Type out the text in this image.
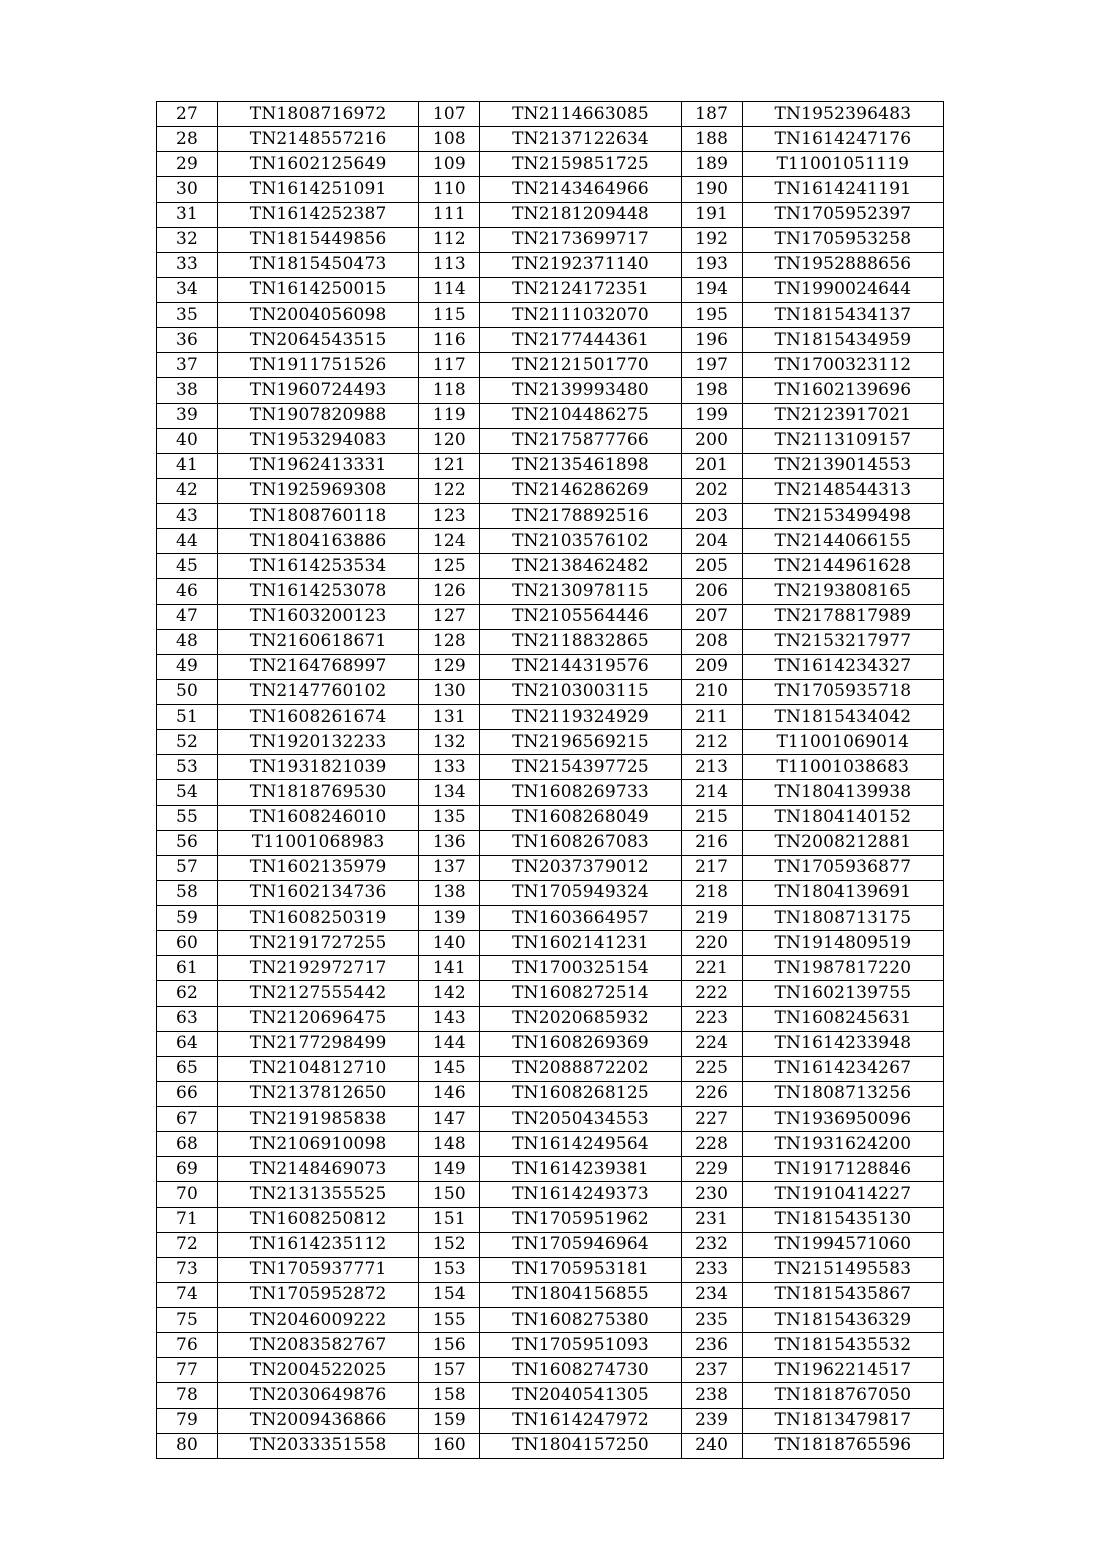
27	TN1808716972	107	TN2114663085	187	TN1952396483
28	TN2148557216	108	TN2137122634	188	TN1614247176
29	TN1602125649	109	TN2159851725	189	T11001051119
30	TN1614251091	110	TN2143464966	190	TN1614241191
31	TN1614252387	111	TN2181209448	191	TN1705952397
32	TN1815449856	112	TN2173699717	192	TN1705953258
33	TN1815450473	113	TN2192371140	193	TN1952888656
34	TN1614250015	114	TN2124172351	194	TN1990024644
35	TN2004056098	115	TN2111032070	195	TN1815434137
36	TN2064543515	116	TN2177444361	196	TN1815434959
37	TN1911751526	117	TN2121501770	197	TN1700323112
38	TN1960724493	118	TN2139993480	198	TN1602139696
39	TN1907820988	119	TN2104486275	199	TN2123917021
40	TN1953294083	120	TN2175877766	200	TN2113109157
41	TN1962413331	121	TN2135461898	201	TN2139014553
42	TN1925969308	122	TN2146286269	202	TN2148544313
43	TN1808760118	123	TN2178892516	203	TN2153499498
44	TN1804163886	124	TN2103576102	204	TN2144066155
45	TN1614253534	125	TN2138462482	205	TN2144961628
46	TN1614253078	126	TN2130978115	206	TN2193808165
47	TN1603200123	127	TN2105564446	207	TN2178817989
48	TN2160618671	128	TN2118832865	208	TN2153217977
49	TN2164768997	129	TN2144319576	209	TN1614234327
50	TN2147760102	130	TN2103003115	210	TN1705935718
51	TN1608261674	131	TN2119324929	211	TN1815434042
52	TN1920132233	132	TN2196569215	212	T11001069014
53	TN1931821039	133	TN2154397725	213	T11001038683
54	TN1818769530	134	TN1608269733	214	TN1804139938
55	TN1608246010	135	TN1608268049	215	TN1804140152
56	T11001068983	136	TN1608267083	216	TN2008212881
57	TN1602135979	137	TN2037379012	217	TN1705936877
58	TN1602134736	138	TN1705949324	218	TN1804139691
59	TN1608250319	139	TN1603664957	219	TN1808713175
60	TN2191727255	140	TN1602141231	220	TN1914809519
61	TN2192972717	141	TN1700325154	221	TN1987817220
62	TN2127555442	142	TN1608272514	222	TN1602139755
63	TN2120696475	143	TN2020685932	223	TN1608245631
64	TN2177298499	144	TN1608269369	224	TN1614233948
65	TN2104812710	145	TN2088872202	225	TN1614234267
66	TN2137812650	146	TN1608268125	226	TN1808713256
67	TN2191985838	147	TN2050434553	227	TN1936950096
68	TN2106910098	148	TN1614249564	228	TN1931624200
69	TN2148469073	149	TN1614239381	229	TN1917128846
70	TN2131355525	150	TN1614249373	230	TN1910414227
71	TN1608250812	151	TN1705951962	231	TN1815435130
72	TN1614235112	152	TN1705946964	232	TN1994571060
73	TN1705937771	153	TN1705953181	233	TN2151495583
74	TN1705952872	154	TN1804156855	234	TN1815435867
75	TN2046009222	155	TN1608275380	235	TN1815436329
76	TN2083582767	156	TN1705951093	236	TN1815435532
77	TN2004522025	157	TN1608274730	237	TN1962214517
78	TN2030649876	158	TN2040541305	238	TN1818767050
79	TN2009436866	159	TN1614247972	239	TN1813479817
80	TN2033351558	160	TN1804157250	240	TN1818765596
